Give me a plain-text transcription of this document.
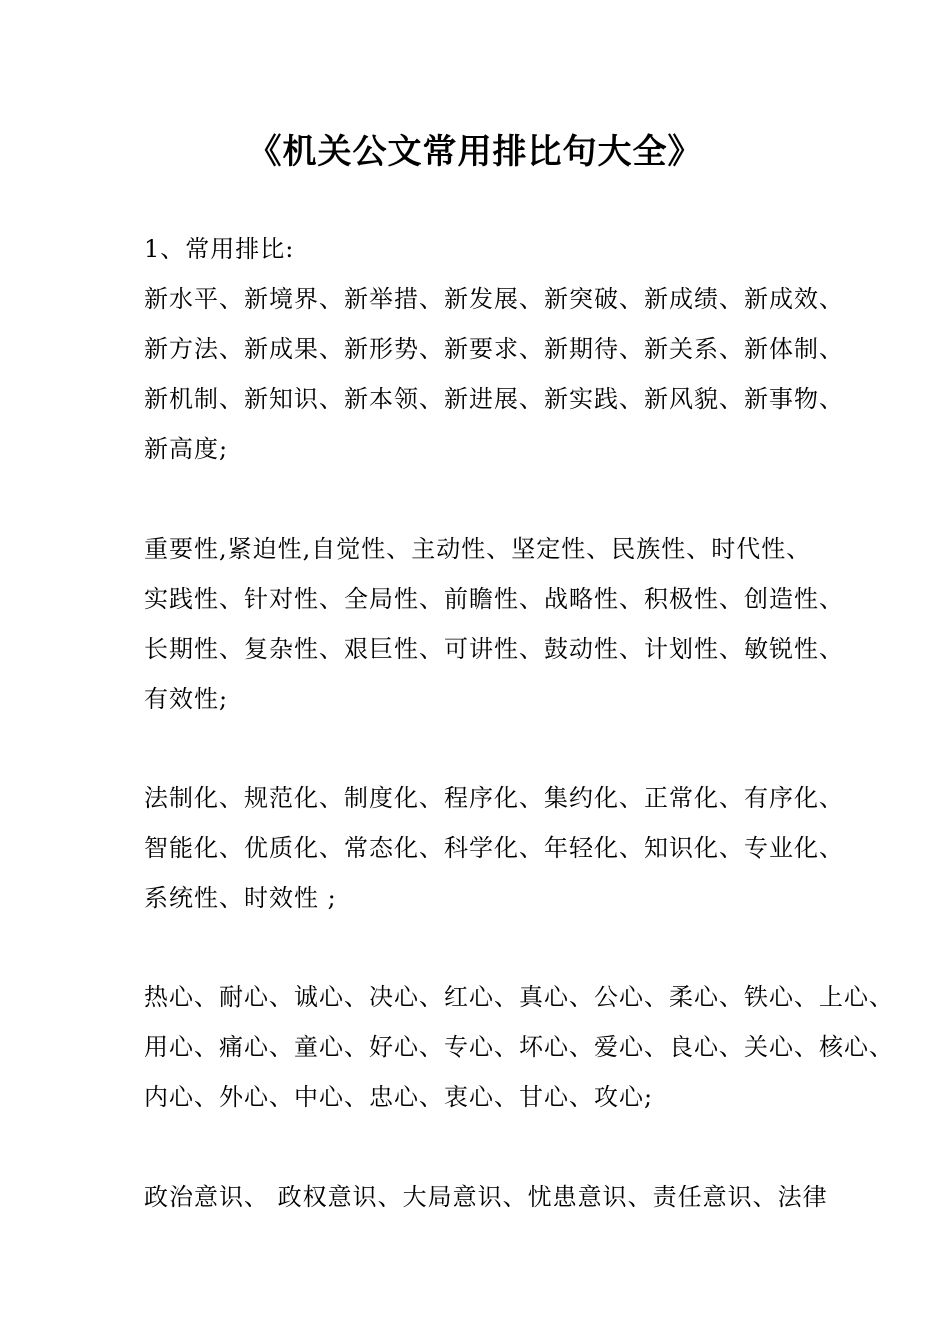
《机关公文常用排比句大全》
1、常用排比:
新水平、新境界、新举措、新发展、新突破、新成绩、新成效、
新方法、新成果、新形势、新要求、新期待、新关系、新体制、
新机制、新知识、新本领、新进展、新实践、新风貌、新事物、
新高度;
重要性,紧迫性,自觉性、主动性、坚定性、民族性、时代性、
实践性、针对性、全局性、前瞻性、战略性、积极性、创造性、
长期性、复杂性、艰巨性、可讲性、鼓动性、计划性、敏锐性、
有效性;
法制化、规范化、制度化、程序化、集约化、正常化、有序化、
智能化、优质化、常态化、科学化、年轻化、知识化、专业化、
系统性、时效性 ;
热心、耐心、诚心、决心、红心、真心、公心、柔心、铁心、上心、
用心、痛心、童心、好心、专心、坏心、爱心、良心、关心、核心、
内心、外心、中心、忠心、衷心、甘心、攻心;
政治意识、 政权意识、大局意识、忧患意识、责任意识、法律
